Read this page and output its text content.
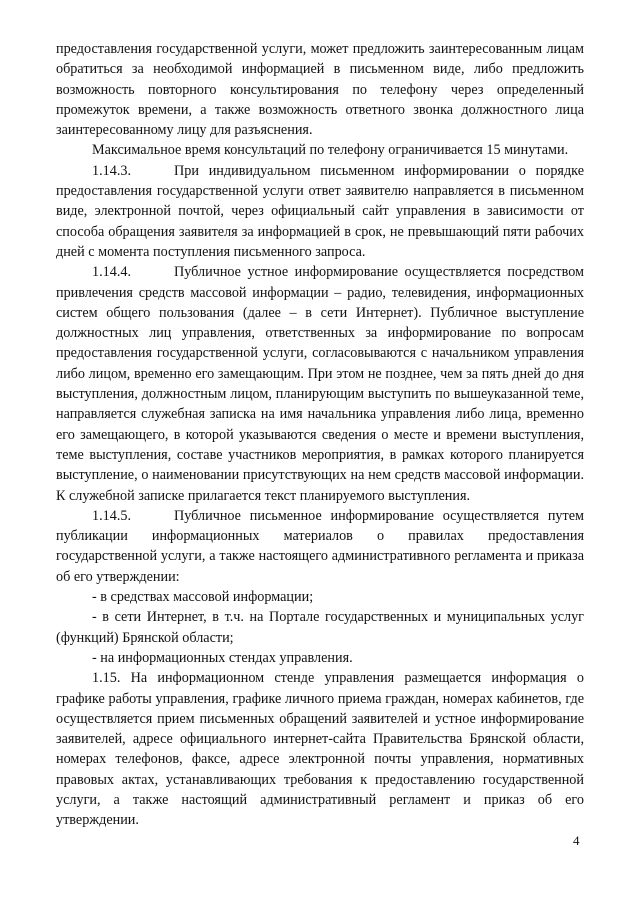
предоставления государственной услуги, может предложить заинтересованным лицам обратиться за необходимой информацией в письменном виде, либо предложить возможность повторного консультирования по телефону через определенный промежуток времени, а также возможность ответного звонка должностного лица заинтересованному лицу для разъяснения.

Максимальное время консультаций по телефону ограничивается 15 минутами.

1.14.3.	При индивидуальном письменном информировании о порядке предоставления государственной услуги ответ заявителю направляется в письменном виде, электронной почтой, через официальный сайт управления в зависимости от способа обращения заявителя за информацией в срок, не превышающий пяти рабочих дней с момента поступления письменного запроса.

1.14.4.	Публичное устное информирование осуществляется посредством привлечения средств массовой информации – радио, телевидения, информационных систем общего пользования (далее – в сети Интернет). Публичное выступление должностных лиц управления, ответственных за информирование по вопросам предоставления государственной услуги, согласовываются с начальником управления либо лицом, временно его замещающим. При этом не позднее, чем за пять дней до дня выступления, должностным лицом, планирующим выступить по вышеуказанной теме, направляется служебная записка на имя начальника управления либо лица, временно его замещающего, в которой указываются сведения о месте и времени выступления, теме выступления, составе участников мероприятия, в рамках которого планируется выступление, о наименовании присутствующих на нем средств массовой информации. К служебной записке прилагается текст планируемого выступления.

1.14.5.	Публичное письменное информирование осуществляется путем публикации информационных материалов о правилах предоставления государственной услуги, а также настоящего административного регламента и приказа об его утверждении:

- в средствах массовой информации;

- в сети Интернет, в т.ч. на Портале государственных и муниципальных услуг (функций) Брянской области;

- на информационных стендах управления.

1.15. На информационном стенде управления размещается информация о графике работы управления, графике личного приема граждан, номерах кабинетов, где осуществляется прием письменных обращений заявителей и устное информирование заявителей, адресе официального интернет-сайта Правительства Брянской области, номерах телефонов, факсе, адресе электронной почты управления, нормативных правовых актах, устанавливающих требования к предоставлению государственной услуги, а также настоящий административный регламент и приказ об его утверждении.

4
